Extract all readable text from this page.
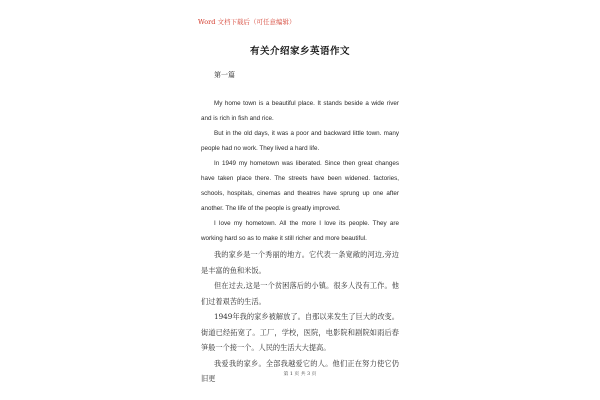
Word 文档下载后（可任意编辑）
有关介绍家乡英语作文
第一篇

My home town is a beautiful place. It stands beside a wide river and is rich in fish and rice.

But in the old days, it was a poor and backward little town. many people had no work. They lived a hard life.

In 1949 my hometown was liberated. Since then great changes have taken place there. The streets have been widened. factories, schools, hospitals, cinemas and theatres have sprung up one after another. The life of the people is greatly improved.

I love my hometown. All the more I love its people. They are working hard so as to make it still richer and more beautiful.

我的家乡是一个秀丽的地方。它代表一条宽敞的河边,旁边是丰富的鱼和米饭。

但在过去,这是一个贫困落后的小镇。很多人没有工作。他们过着艰苦的生活。

1949年我的家乡被解放了。自那以来发生了巨大的改变。街道已经拓宽了。工厂，学校，医院，电影院和剧院如雨后春笋般一个接一个。人民的生活大大提高。

我爱我的家乡。全部我越爱它的人。他们正在努力使它仍旧更	第 1 页 共 3 页
